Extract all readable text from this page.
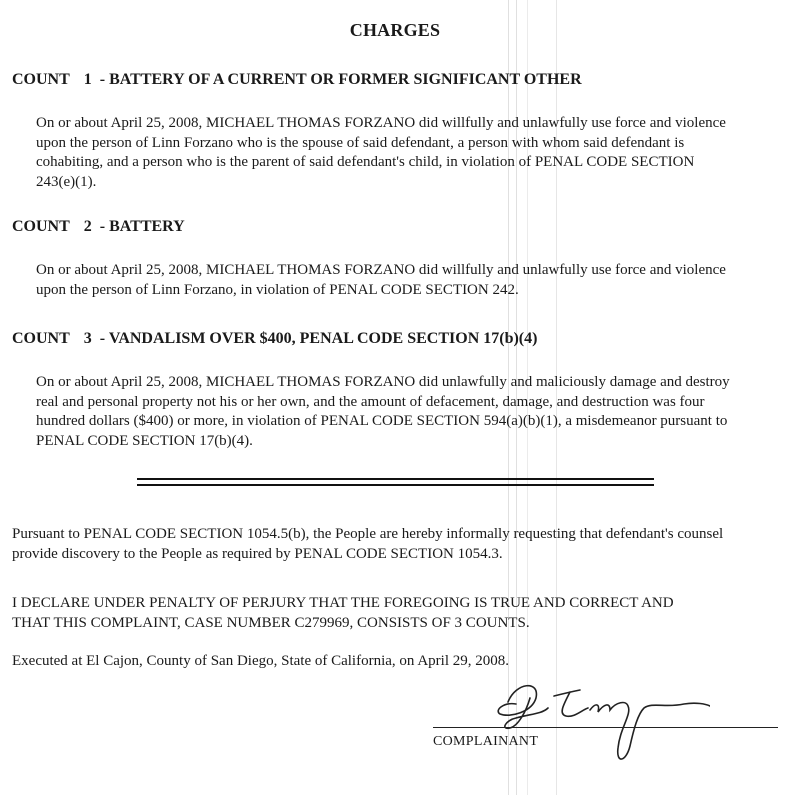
CHARGES
COUNT 1 - BATTERY OF A CURRENT OR FORMER SIGNIFICANT OTHER
On or about April 25, 2008, MICHAEL THOMAS FORZANO did willfully and unlawfully use force and violence
upon the person of Linn Forzano who is the spouse of said defendant, a person with whom said defendant is
cohabiting, and a person who is the parent of said defendant's child, in violation of PENAL CODE SECTION
243(e)(1).
COUNT 2 - BATTERY
On or about April 25, 2008, MICHAEL THOMAS FORZANO did willfully and unlawfully use force and violence
upon the person of Linn Forzano, in violation of PENAL CODE SECTION 242.
COUNT 3 - VANDALISM OVER $400, PENAL CODE SECTION 17(b)(4)
On or about April 25, 2008, MICHAEL THOMAS FORZANO did unlawfully and maliciously damage and destroy
real and personal property not his or her own, and the amount of defacement, damage, and destruction was four
hundred dollars ($400) or more, in violation of PENAL CODE SECTION 594(a)(b)(1), a misdemeanor pursuant to
PENAL CODE SECTION 17(b)(4).
Pursuant to PENAL CODE SECTION 1054.5(b), the People are hereby informally requesting that defendant's counsel
provide discovery to the People as required by PENAL CODE SECTION 1054.3.
I DECLARE UNDER PENALTY OF PERJURY THAT THE FOREGOING IS TRUE AND CORRECT AND
THAT THIS COMPLAINT, CASE NUMBER C279969, CONSISTS OF 3 COUNTS.
Executed at El Cajon, County of San Diego, State of California, on April 29, 2008.
COMPLAINANT
